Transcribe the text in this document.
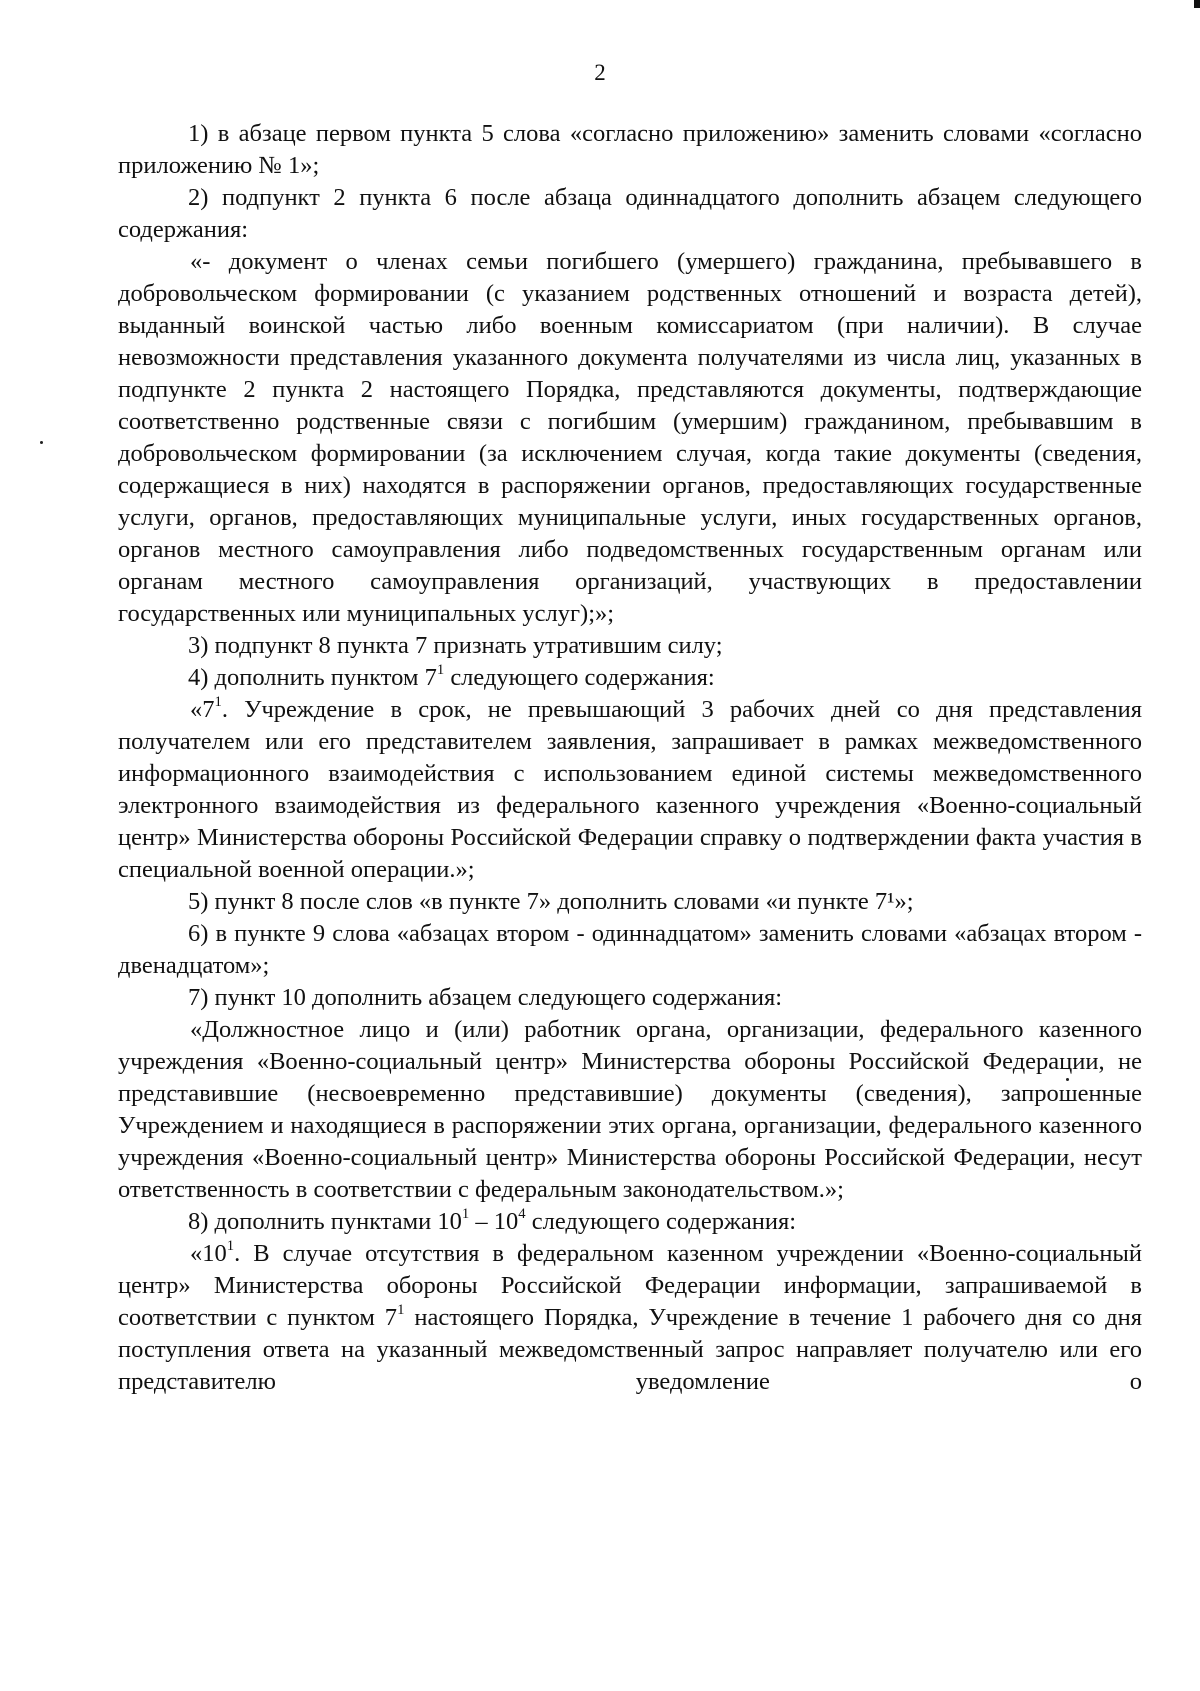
2

1) в абзаце первом пункта 5 слова «согласно приложению» заменить словами «согласно приложению № 1»;

2) подпункт 2 пункта 6 после абзаца одиннадцатого дополнить абзацем следующего содержания:

«- документ о членах семьи погибшего (умершего) гражданина, пребывавшего в добровольческом формировании (с указанием родственных отношений и возраста детей), выданный воинской частью либо военным комиссариатом (при наличии). В случае невозможности представления указанного документа получателями из числа лиц, указанных в подпункте 2 пункта 2 настоящего Порядка, представляются документы, подтверждающие соответственно родственные связи с погибшим (умершим) гражданином, пребывавшим в добровольческом формировании (за исключением случая, когда такие документы (сведения, содержащиеся в них) находятся в распоряжении органов, предоставляющих государственные услуги, органов, предоставляющих муниципальные услуги, иных государственных органов, органов местного самоуправления либо подведомственных государственным органам или органам местного самоуправления организаций, участвующих в предоставлении государственных или муниципальных услуг);»;

3) подпункт 8 пункта 7 признать утратившим силу;

4) дополнить пунктом $7^1$ следующего содержания:

«$7^1$. Учреждение в срок, не превышающий 3 рабочих дней со дня представления получателем или его представителем заявления, запрашивает в рамках межведомственного информационного взаимодействия с использованием единой системы межведомственного электронного взаимодействия из федерального казенного учреждения «Военно-социальный центр» Министерства обороны Российской Федерации справку о подтверждении факта участия в специальной военной операции.»;

5) пункт 8 после слов «в пункте 7» дополнить словами «и пункте 7¹»;

6) в пункте 9 слова «абзацах втором - одиннадцатом» заменить словами «абзацах втором - двенадцатом»;

7) пункт 10 дополнить абзацем следующего содержания:

«Должностное лицо и (или) работник органа, организации, федерального казенного учреждения «Военно-социальный центр» Министерства обороны Российской Федерации, не представившие (несвоевременно представившие) документы (сведения), запрошенные Учреждением и находящиеся в распоряжении этих органа, организации, федерального казенного учреждения «Военно-социальный центр» Министерства обороны Российской Федерации, несут ответственность в соответствии с федеральным законодательством.»;

8) дополнить пунктами $10^1 - 10^4$ следующего содержания:

«$10^1$. В случае отсутствия в федеральном казенном учреждении «Военно-социальный центр» Министерства обороны Российской Федерации информации, запрашиваемой в соответствии с пунктом $7^1$ настоящего Порядка, Учреждение в течение 1 рабочего дня со дня поступления ответа на указанный межведомственный запрос направляет получателю или его представителю уведомление о
